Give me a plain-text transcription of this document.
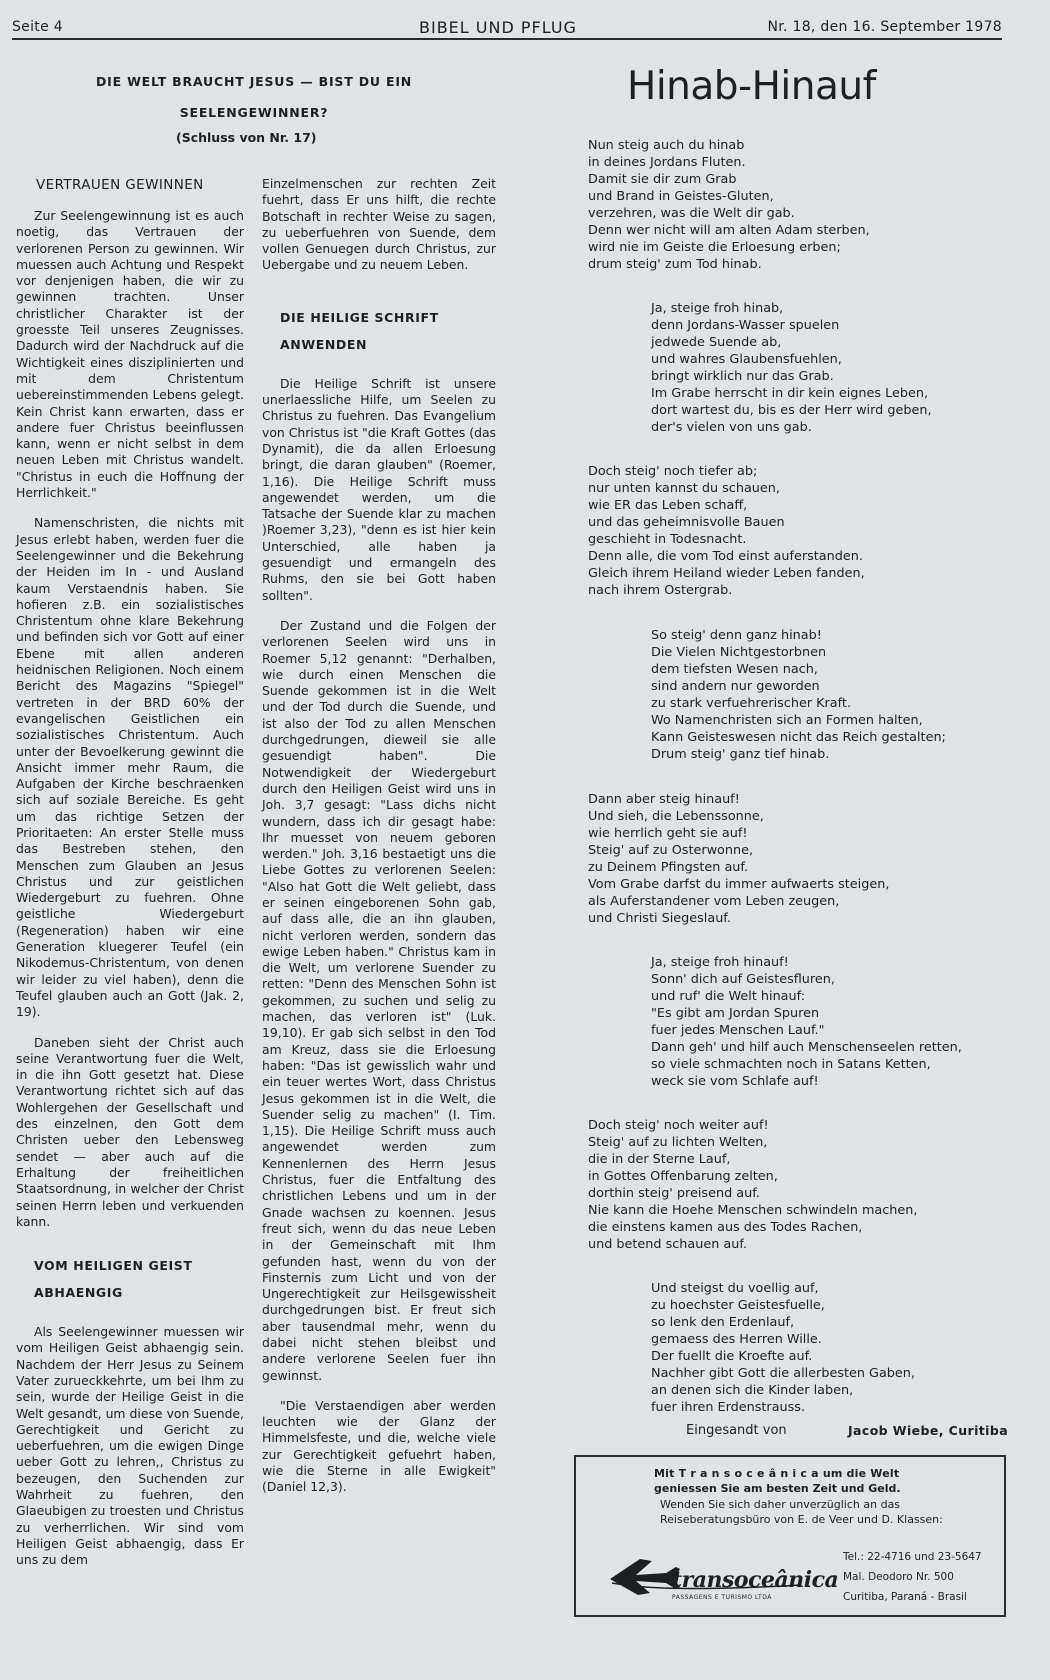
Seite 4	BIBEL UND PFLUG	Nr. 18, den 16. September 1978
DIE WELT BRAUCHT JESUS — BIST DU EIN
SEELENGEWINNER?
(Schluss von Nr. 17)
VERTRAUEN GEWINNEN

Zur Seelengewinnung ist es auch noetig, das Vertrauen der verlorenen Person zu gewinnen. Wir muessen auch Achtung und Respekt vor denjenigen haben, die wir zu gewinnen trachten. Unser christlicher Charakter ist der groesste Teil unseres Zeugnisses. Dadurch wird der Nachdruck auf die Wichtigkeit eines disziplinierten und mit dem Christentum uebereinstimmenden Lebens gelegt. Kein Christ kann erwarten, dass er andere fuer Christus beeinflussen kann, wenn er nicht selbst in dem neuen Leben mit Christus wandelt. "Christus in euch die Hoffnung der Herrlichkeit."

Namenschristen, die nichts mit Jesus erlebt haben, werden fuer die Seelengewinner und die Bekehrung der Heiden im In - und Ausland kaum Verstaendnis haben. Sie hofieren z.B. ein sozialistisches Christentum ohne klare Bekehrung und befinden sich vor Gott auf einer Ebene mit allen anderen heidnischen Religionen. Noch einem Bericht des Magazins "Spiegel" vertreten in der BRD 60% der evangelischen Geistlichen ein sozialistisches Christentum. Auch unter der Bevoelkerung gewinnt die Ansicht immer mehr Raum, die Aufgaben der Kirche beschraenken sich auf soziale Bereiche. Es geht um das richtige Setzen der Prioritaeten: An erster Stelle muss das Bestreben stehen, den Menschen zum Glauben an Jesus Christus und zur geistlichen Wiedergeburt zu fuehren. Ohne geistliche Wiedergeburt (Regeneration) haben wir eine Generation kluegerer Teufel (ein Nikodemus-Christentum, von denen wir leider zu viel haben), denn die Teufel glauben auch an Gott (Jak. 2, 19).

Daneben sieht der Christ auch seine Verantwortung fuer die Welt, in die ihn Gott gesetzt hat. Diese Verantwortung richtet sich auf das Wohlergehen der Gesellschaft und des einzelnen, den Gott dem Christen ueber den Lebensweg sendet — aber auch auf die Erhaltung der freiheitlichen Staatsordnung, in welcher der Christ seinen Herrn leben und verkuenden kann.

VOM HEILIGEN GEIST ABHAENGIG

Als Seelengewinner muessen wir vom Heiligen Geist abhaengig sein. Nachdem der Herr Jesus zu Seinem Vater zurueckkehrte, um bei Ihm zu sein, wurde der Heilige Geist in die Welt gesandt, um diese von Suende, Gerechtigkeit und Gericht zu ueberfuehren, um die ewigen Dinge ueber Gott zu lehren,, Christus zu bezeugen, den Suchenden zur Wahrheit zu fuehren, den Glaeubigen zu troesten und Christus zu verherrlichen. Wir sind vom Heiligen Geist abhaengig, dass Er uns zu dem

Einzelmenschen zur rechten Zeit fuehrt, dass Er uns hilft, die rechte Botschaft in rechter Weise zu sagen, zu ueberfuehren von Suende, dem vollen Genuegen durch Christus, zur Uebergabe und zu neuem Leben.

DIE HEILIGE SCHRIFT ANWENDEN

Die Heilige Schrift ist unsere unerlaessliche Hilfe, um Seelen zu Christus zu fuehren. Das Evangelium von Christus ist "die Kraft Gottes (das Dynamit), die da allen Erloesung bringt, die daran glauben" (Roemer, 1,16). Die Heilige Schrift muss angewendet werden, um die Tatsache der Suende klar zu machen )Roemer 3,23), "denn es ist hier kein Unterschied, alle haben ja gesuendigt und ermangeln des Ruhms, den sie bei Gott haben sollten".

Der Zustand und die Folgen der verlorenen Seelen wird uns in Roemer 5,12 genannt: "Derhalben, wie durch einen Menschen die Suende gekommen ist in die Welt und der Tod durch die Suende, und ist also der Tod zu allen Menschen durchgedrungen, dieweil sie alle gesuendigt haben". Die Notwendigkeit der Wiedergeburt durch den Heiligen Geist wird uns in Joh. 3,7 gesagt: "Lass dichs nicht wundern, dass ich dir gesagt habe: Ihr muesset von neuem geboren werden." Joh. 3,16 bestaetigt uns die Liebe Gottes zu verlorenen Seelen: "Also hat Gott die Welt geliebt, dass er seinen eingeborenen Sohn gab, auf dass alle, die an ihn glauben, nicht verloren werden, sondern das ewige Leben haben." Christus kam in die Welt, um verlorene Suender zu retten: "Denn des Menschen Sohn ist gekommen, zu suchen und selig zu machen, das verloren ist" (Luk. 19,10). Er gab sich selbst in den Tod am Kreuz, dass sie die Erloesung haben: "Das ist gewisslich wahr und ein teuer wertes Wort, dass Christus Jesus gekommen ist in die Welt, die Suender selig zu machen" (I. Tim. 1,15). Die Heilige Schrift muss auch angewendet werden zum Kennenlernen des Herrn Jesus Christus, fuer die Entfaltung des christlichen Lebens und um in der Gnade wachsen zu koennen. Jesus freut sich, wenn du das neue Leben in der Gemeinschaft mit Ihm gefunden hast, wenn du von der Finsternis zum Licht und von der Ungerechtigkeit zur Heilsgewissheit durchgedrungen bist. Er freut sich aber tausendmal mehr, wenn du dabei nicht stehen bleibst und andere verlorene Seelen fuer ihn gewinnst.

"Die Verstaendigen aber werden leuchten wie der Glanz der Himmelsfeste, und die, welche viele zur Gerechtigkeit gefuehrt haben, wie die Sterne in alle Ewigkeit" (Daniel 12,3).

Hinab-Hinauf
Nun steig auch du hinab
in deines Jordans Fluten.
Damit sie dir zum Grab
und Brand in Geistes-Gluten,
verzehren, was die Welt dir gab.
Denn wer nicht will am alten Adam sterben,
wird nie im Geiste die Erloesung erben;
drum steig' zum Tod hinab.
Ja, steige froh hinab,
denn Jordans-Wasser spuelen
jedwede Suende ab,
und wahres Glaubensfuehlen,
bringt wirklich nur das Grab.
Im Grabe herrscht in dir kein eignes Leben,
dort wartest du, bis es der Herr wird geben,
der's vielen von uns gab.
Doch steig' noch tiefer ab;
nur unten kannst du schauen,
wie ER das Leben schaff,
und das geheimnisvolle Bauen
geschieht in Todesnacht.
Denn alle, die vom Tod einst auferstanden.
Gleich ihrem Heiland wieder Leben fanden,
nach ihrem Ostergrab.
So steig' denn ganz hinab!
Die Vielen Nichtgestorbnen
dem tiefsten Wesen nach,
sind andern nur geworden
zu stark verfuehrerischer Kraft.
Wo Namenchristen sich an Formen halten,
Kann Geisteswesen nicht das Reich gestalten;
Drum steig' ganz tief hinab.
Dann aber steig hinauf!
Und sieh, die Lebenssonne,
wie herrlich geht sie auf!
Steig' auf zu Osterwonne,
zu Deinem Pfingsten auf.
Vom Grabe darfst du immer aufwaerts steigen,
als Auferstandener vom Leben zeugen,
und Christi Siegeslauf.
Ja, steige froh hinauf!
Sonn' dich auf Geistesfluren,
und ruf' die Welt hinauf:
"Es gibt am Jordan Spuren
fuer jedes Menschen Lauf."
Dann geh' und hilf auch Menschenseelen retten,
so viele schmachten noch in Satans Ketten,
weck sie vom Schlafe auf!
Doch steig' noch weiter auf!
Steig' auf zu lichten Welten,
die in der Sterne Lauf,
in Gottes Offenbarung zelten,
dorthin steig' preisend auf.
Nie kann die Hoehe Menschen schwindeln machen,
die einstens kamen aus des Todes Rachen,
und betend schauen auf.
Und steigst du voellig auf,
zu hoechster Geistesfuelle,
so lenk den Erdenlauf,
gemaess des Herren Wille.
Der fuellt die Kroefte auf.
Nachher gibt Gott die allerbesten Gaben,
an denen sich die Kinder laben,
fuer ihren Erdenstrauss.
Eingesandt von	Jacob Wiebe, Curitiba
Mit T r a n s o c e â n i c a um die Welt
geniessen Sie am besten Zeit und Geld.
Wenden Sie sich daher unverzüglich an das
Reiseberatungsbüro von E. de Veer und D. Klassen:
transoceânica
PASSAGENS E TURISMO LTDA
Tel.: 22-4716 und 23-5647
Mal. Deodoro Nr. 500
Curitiba, Paraná - Brasil
